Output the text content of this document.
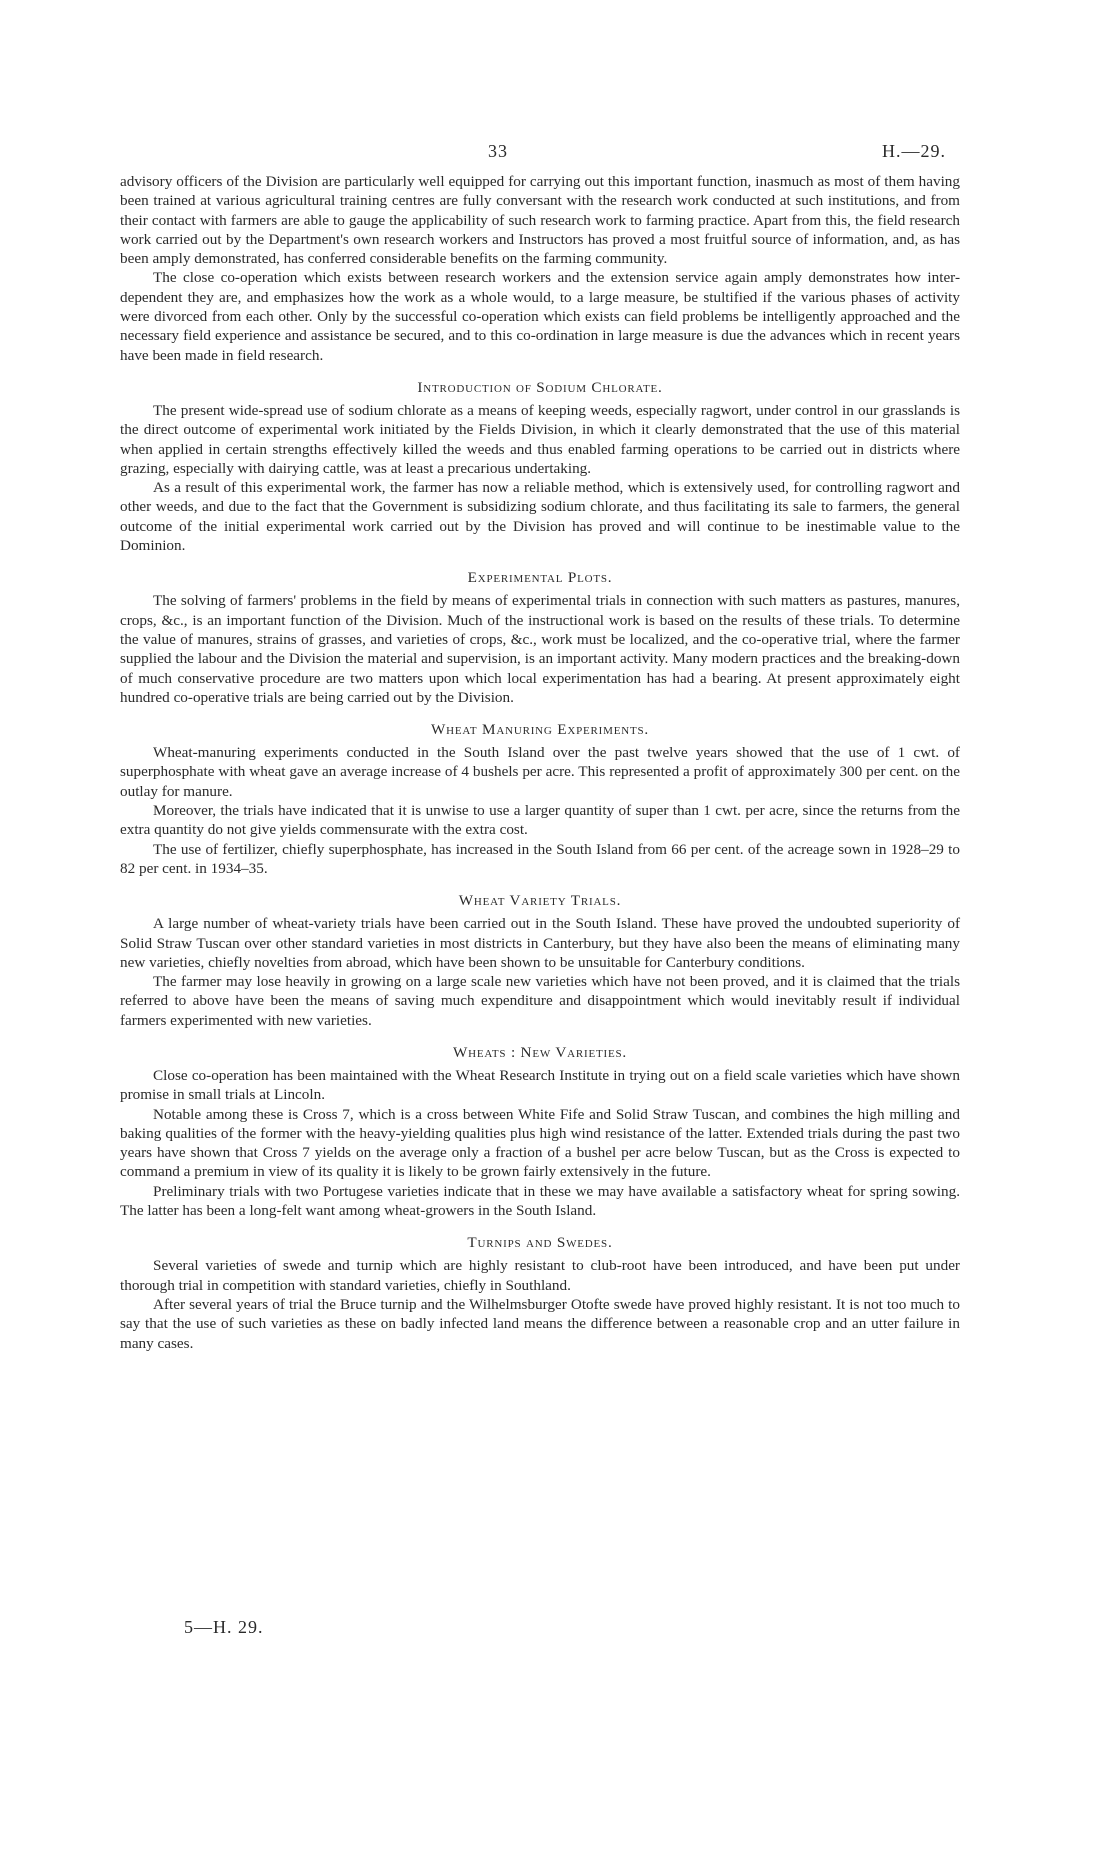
33	H.—29.

advisory officers of the Division are particularly well equipped for carrying out this important function, inasmuch as most of them having been trained at various agricultural training centres are fully conversant with the research work conducted at such institutions, and from their contact with farmers are able to gauge the applicability of such research work to farming practice. Apart from this, the field research work carried out by the Department's own research workers and Instructors has proved a most fruitful source of information, and, as has been amply demonstrated, has conferred considerable benefits on the farming community.

The close co-operation which exists between research workers and the extension service again amply demonstrates how inter-dependent they are, and emphasizes how the work as a whole would, to a large measure, be stultified if the various phases of activity were divorced from each other. Only by the successful co-operation which exists can field problems be intelligently approached and the necessary field experience and assistance be secured, and to this co-ordination in large measure is due the advances which in recent years have been made in field research.

Introduction of Sodium Chlorate.

The present wide-spread use of sodium chlorate as a means of keeping weeds, especially ragwort, under control in our grasslands is the direct outcome of experimental work initiated by the Fields Division, in which it clearly demonstrated that the use of this material when applied in certain strengths effectively killed the weeds and thus enabled farming operations to be carried out in districts where grazing, especially with dairying cattle, was at least a precarious undertaking.

As a result of this experimental work, the farmer has now a reliable method, which is extensively used, for controlling ragwort and other weeds, and due to the fact that the Government is subsidizing sodium chlorate, and thus facilitating its sale to farmers, the general outcome of the initial experimental work carried out by the Division has proved and will continue to be inestimable value to the Dominion.

Experimental Plots.

The solving of farmers' problems in the field by means of experimental trials in connection with such matters as pastures, manures, crops, &c., is an important function of the Division. Much of the instructional work is based on the results of these trials. To determine the value of manures, strains of grasses, and varieties of crops, &c., work must be localized, and the co-operative trial, where the farmer supplied the labour and the Division the material and supervision, is an important activity. Many modern practices and the breaking-down of much conservative procedure are two matters upon which local experimentation has had a bearing. At present approximately eight hundred co-operative trials are being carried out by the Division.

Wheat Manuring Experiments.

Wheat-manuring experiments conducted in the South Island over the past twelve years showed that the use of 1 cwt. of superphosphate with wheat gave an average increase of 4 bushels per acre. This represented a profit of approximately 300 per cent. on the outlay for manure.

Moreover, the trials have indicated that it is unwise to use a larger quantity of super than 1 cwt. per acre, since the returns from the extra quantity do not give yields commensurate with the extra cost.

The use of fertilizer, chiefly superphosphate, has increased in the South Island from 66 per cent. of the acreage sown in 1928–29 to 82 per cent. in 1934–35.

Wheat Variety Trials.

A large number of wheat-variety trials have been carried out in the South Island. These have proved the undoubted superiority of Solid Straw Tuscan over other standard varieties in most districts in Canterbury, but they have also been the means of eliminating many new varieties, chiefly novelties from abroad, which have been shown to be unsuitable for Canterbury conditions.

The farmer may lose heavily in growing on a large scale new varieties which have not been proved, and it is claimed that the trials referred to above have been the means of saving much expenditure and disappointment which would inevitably result if individual farmers experimented with new varieties.

Wheats : New Varieties.

Close co-operation has been maintained with the Wheat Research Institute in trying out on a field scale varieties which have shown promise in small trials at Lincoln.

Notable among these is Cross 7, which is a cross between White Fife and Solid Straw Tuscan, and combines the high milling and baking qualities of the former with the heavy-yielding qualities plus high wind resistance of the latter. Extended trials during the past two years have shown that Cross 7 yields on the average only a fraction of a bushel per acre below Tuscan, but as the Cross is expected to command a premium in view of its quality it is likely to be grown fairly extensively in the future.

Preliminary trials with two Portugese varieties indicate that in these we may have available a satisfactory wheat for spring sowing. The latter has been a long-felt want among wheat-growers in the South Island.

Turnips and Swedes.

Several varieties of swede and turnip which are highly resistant to club-root have been introduced, and have been put under thorough trial in competition with standard varieties, chiefly in Southland.

After several years of trial the Bruce turnip and the Wilhelmsburger Otofte swede have proved highly resistant. It is not too much to say that the use of such varieties as these on badly infected land means the difference between a reasonable crop and an utter failure in many cases.

5—H. 29.
